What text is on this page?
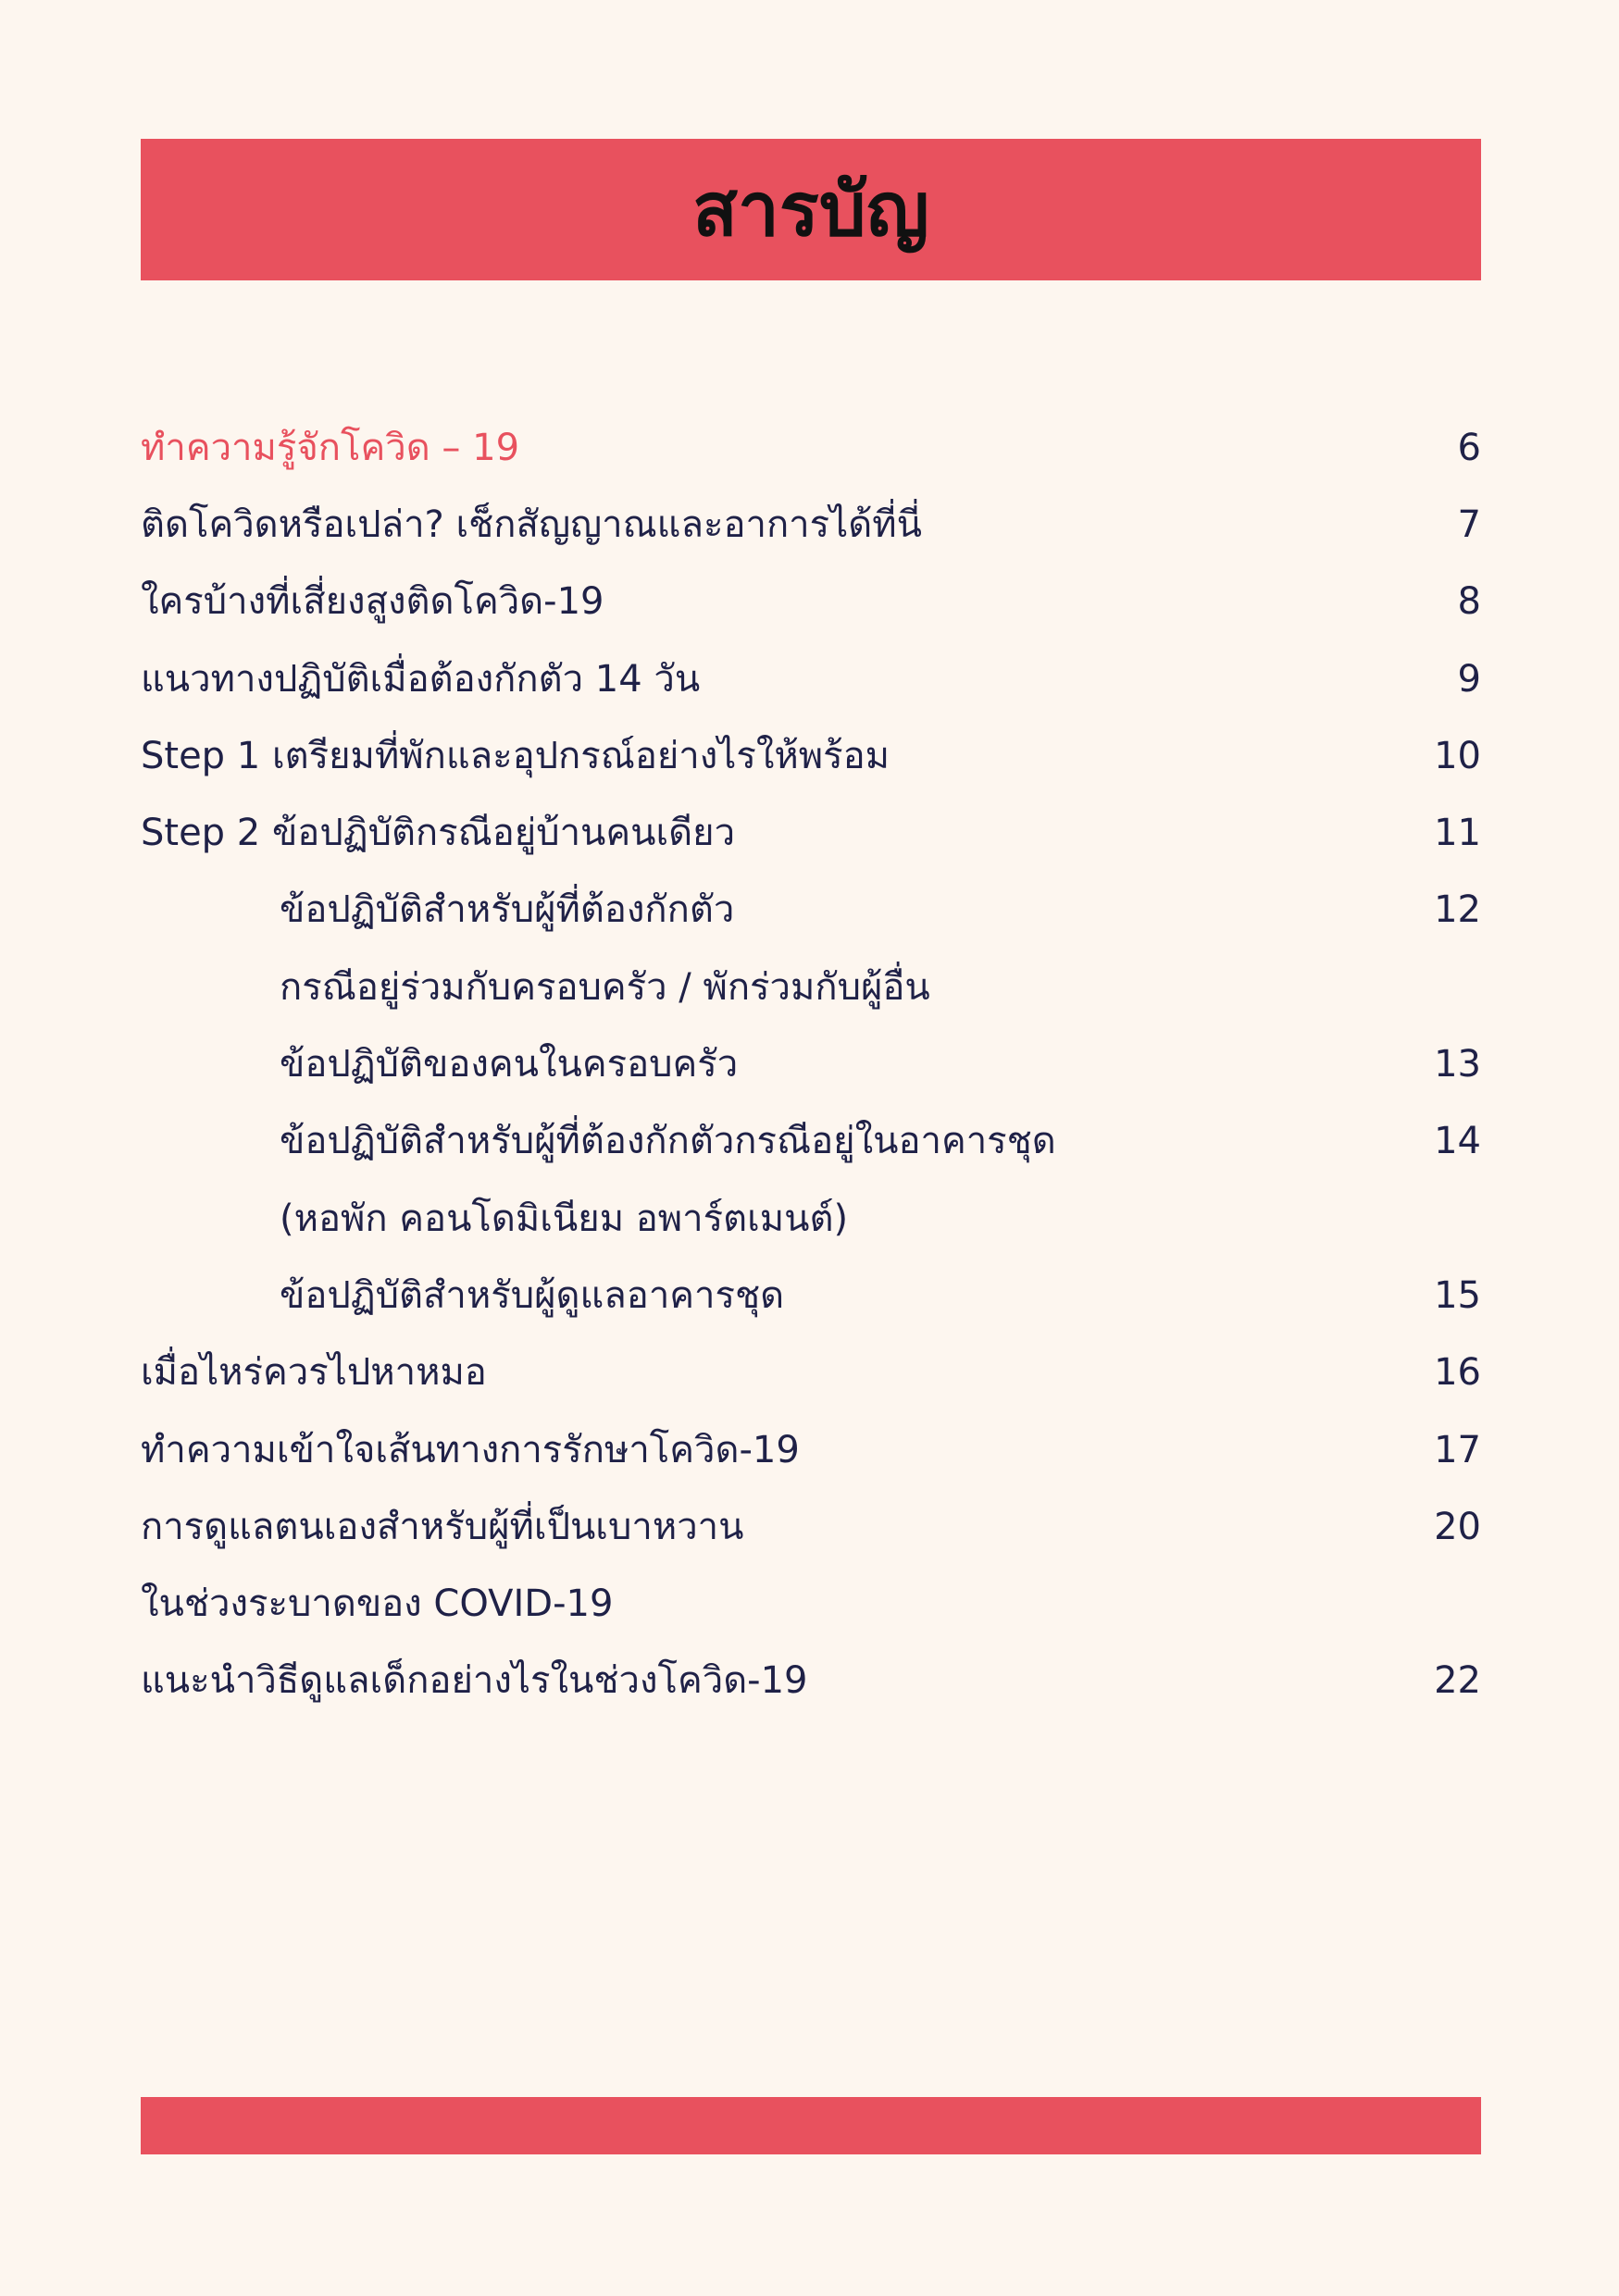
สารบัญ
ทำความรู้จักโควิด – 19	6
ติดโควิดหรือเปล่า? เช็กสัญญาณและอาการได้ที่นี่	7
ใครบ้างที่เสี่ยงสูงติดโควิด-19	8
แนวทางปฏิบัติเมื่อต้องกักตัว 14 วัน	9
Step 1 เตรียมที่พักและอุปกรณ์อย่างไรให้พร้อม	10
Step 2 ข้อปฏิบัติกรณีอยู่บ้านคนเดียว	11
ข้อปฏิบัติสำหรับผู้ที่ต้องกักตัว	12
กรณีอยู่ร่วมกับครอบครัว / พักร่วมกับผู้อื่น
ข้อปฏิบัติของคนในครอบครัว	13
ข้อปฏิบัติสำหรับผู้ที่ต้องกักตัวกรณีอยู่ในอาคารชุด	14
(หอพัก คอนโดมิเนียม อพาร์ตเมนต์)
ข้อปฏิบัติสำหรับผู้ดูแลอาคารชุด	15
เมื่อไหร่ควรไปหาหมอ	16
ทำความเข้าใจเส้นทางการรักษาโควิด-19	17
การดูแลตนเองสำหรับผู้ที่เป็นเบาหวาน	20
ในช่วงระบาดของ COVID-19
แนะนำวิธีดูแลเด็กอย่างไรในช่วงโควิด-19	22
